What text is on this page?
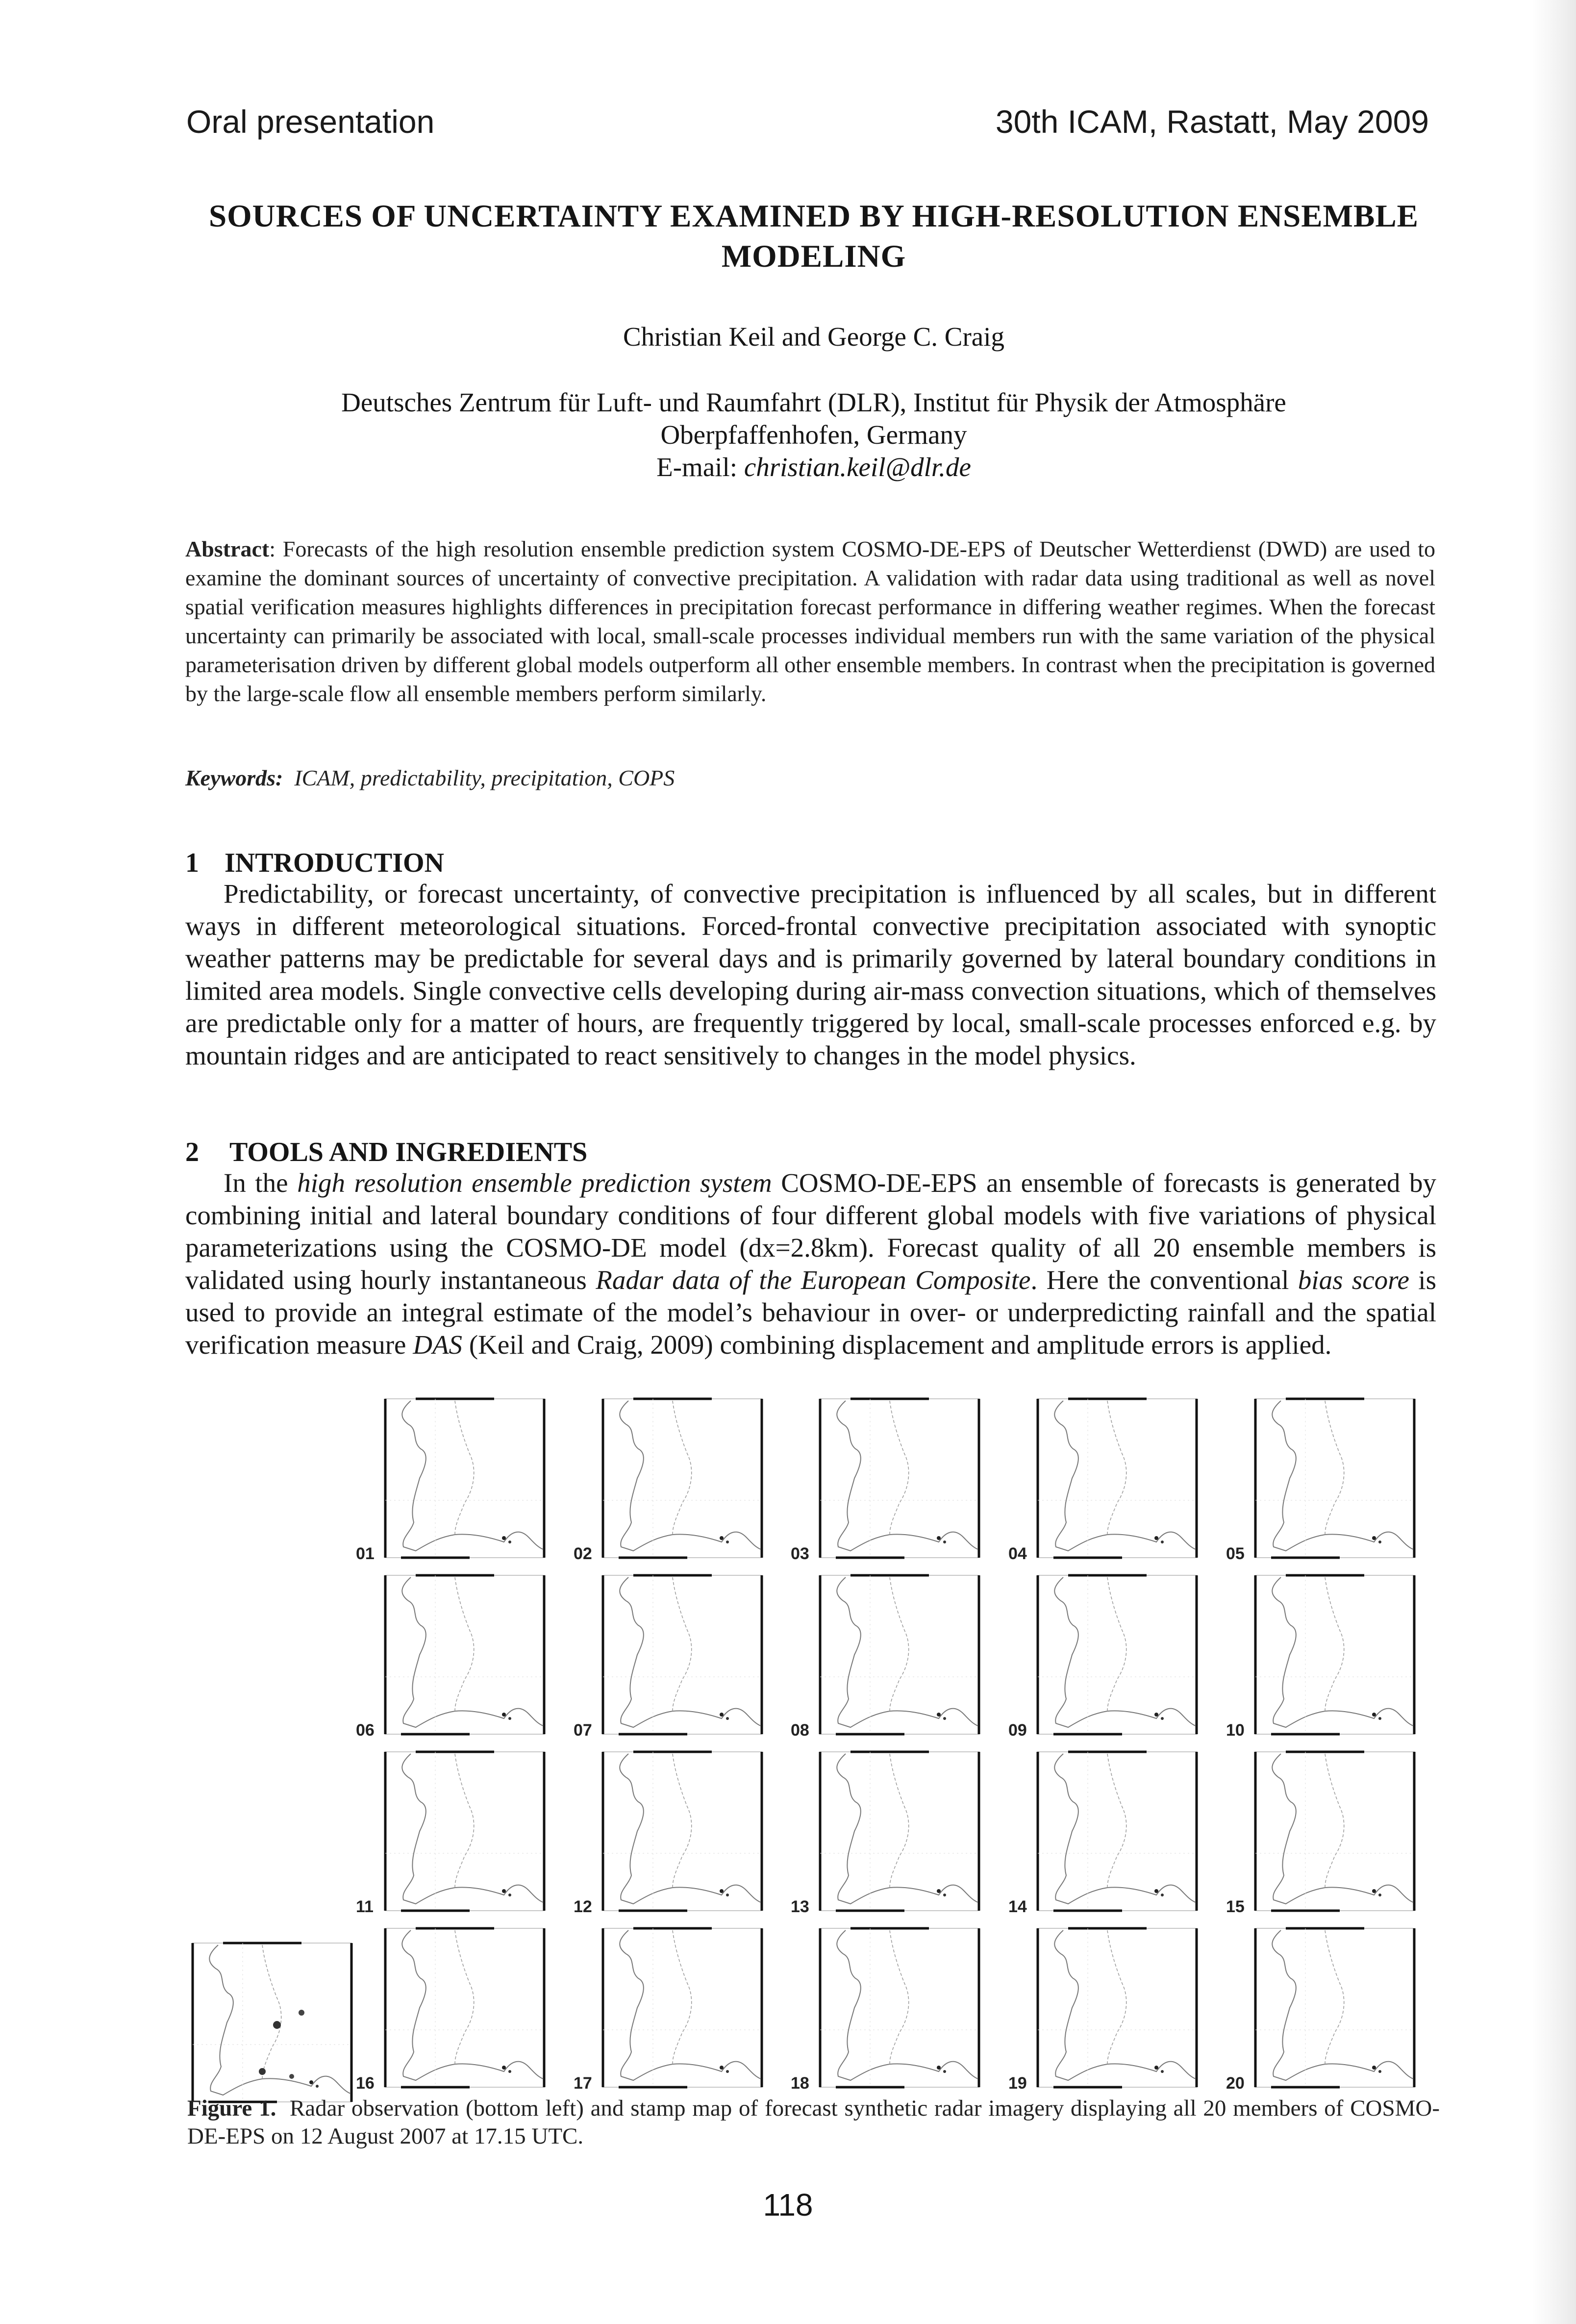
Oral presentation	30th ICAM, Rastatt, May 2009
SOURCES OF UNCERTAINTY EXAMINED BY HIGH-RESOLUTION ENSEMBLE
MODELING
Christian Keil and George C. Craig
Deutsches Zentrum für Luft- und Raumfahrt (DLR), Institut für Physik der Atmosphäre
Oberpfaffenhofen, Germany
E-mail: christian.keil@dlr.de
Abstract: Forecasts of the high resolution ensemble prediction system COSMO-DE-EPS of Deutscher Wetterdienst (DWD) are used to examine the dominant sources of uncertainty of convective precipitation. A validation with radar data using traditional as well as novel spatial verification measures highlights differences in precipitation forecast performance in differing weather regimes. When the forecast uncertainty can primarily be associated with local, small-scale processes individual members run with the same variation of the physical parameterisation driven by different global models outperform all other ensemble members. In contrast when the precipitation is governed by the large-scale flow all ensemble members perform similarly.
Keywords: ICAM, predictability, precipitation, COPS
1 INTRODUCTION
Predictability, or forecast uncertainty, of convective precipitation is influenced by all scales, but in different ways in different meteorological situations. Forced-frontal convective precipitation associated with synoptic weather patterns may be predictable for several days and is primarily governed by lateral boundary conditions in limited area models. Single convective cells developing during air-mass convection situations, which of themselves are predictable only for a matter of hours, are frequently triggered by local, small-scale processes enforced e.g. by mountain ridges and are anticipated to react sensitively to changes in the model physics.
2 TOOLS AND INGREDIENTS
In the high resolution ensemble prediction system COSMO-DE-EPS an ensemble of forecasts is generated by combining initial and lateral boundary conditions of four different global models with five variations of physical parameterizations using the COSMO-DE model (dx=2.8km). Forecast quality of all 20 ensemble members is validated using hourly instantaneous Radar data of the European Composite. Here the conventional bias score is used to provide an integral estimate of the model’s behaviour in over- or underpredicting rainfall and the spatial verification measure DAS (Keil and Craig, 2009) combining displacement and amplitude errors is applied.
01	02	03	04	05
06	07	08	09	10
11	12	13	14	15
16	17	18	19	20
Figure 1. Radar observation (bottom left) and stamp map of forecast synthetic radar imagery displaying all 20 members of COSMO-DE-EPS on 12 August 2007 at 17.15 UTC.
118
